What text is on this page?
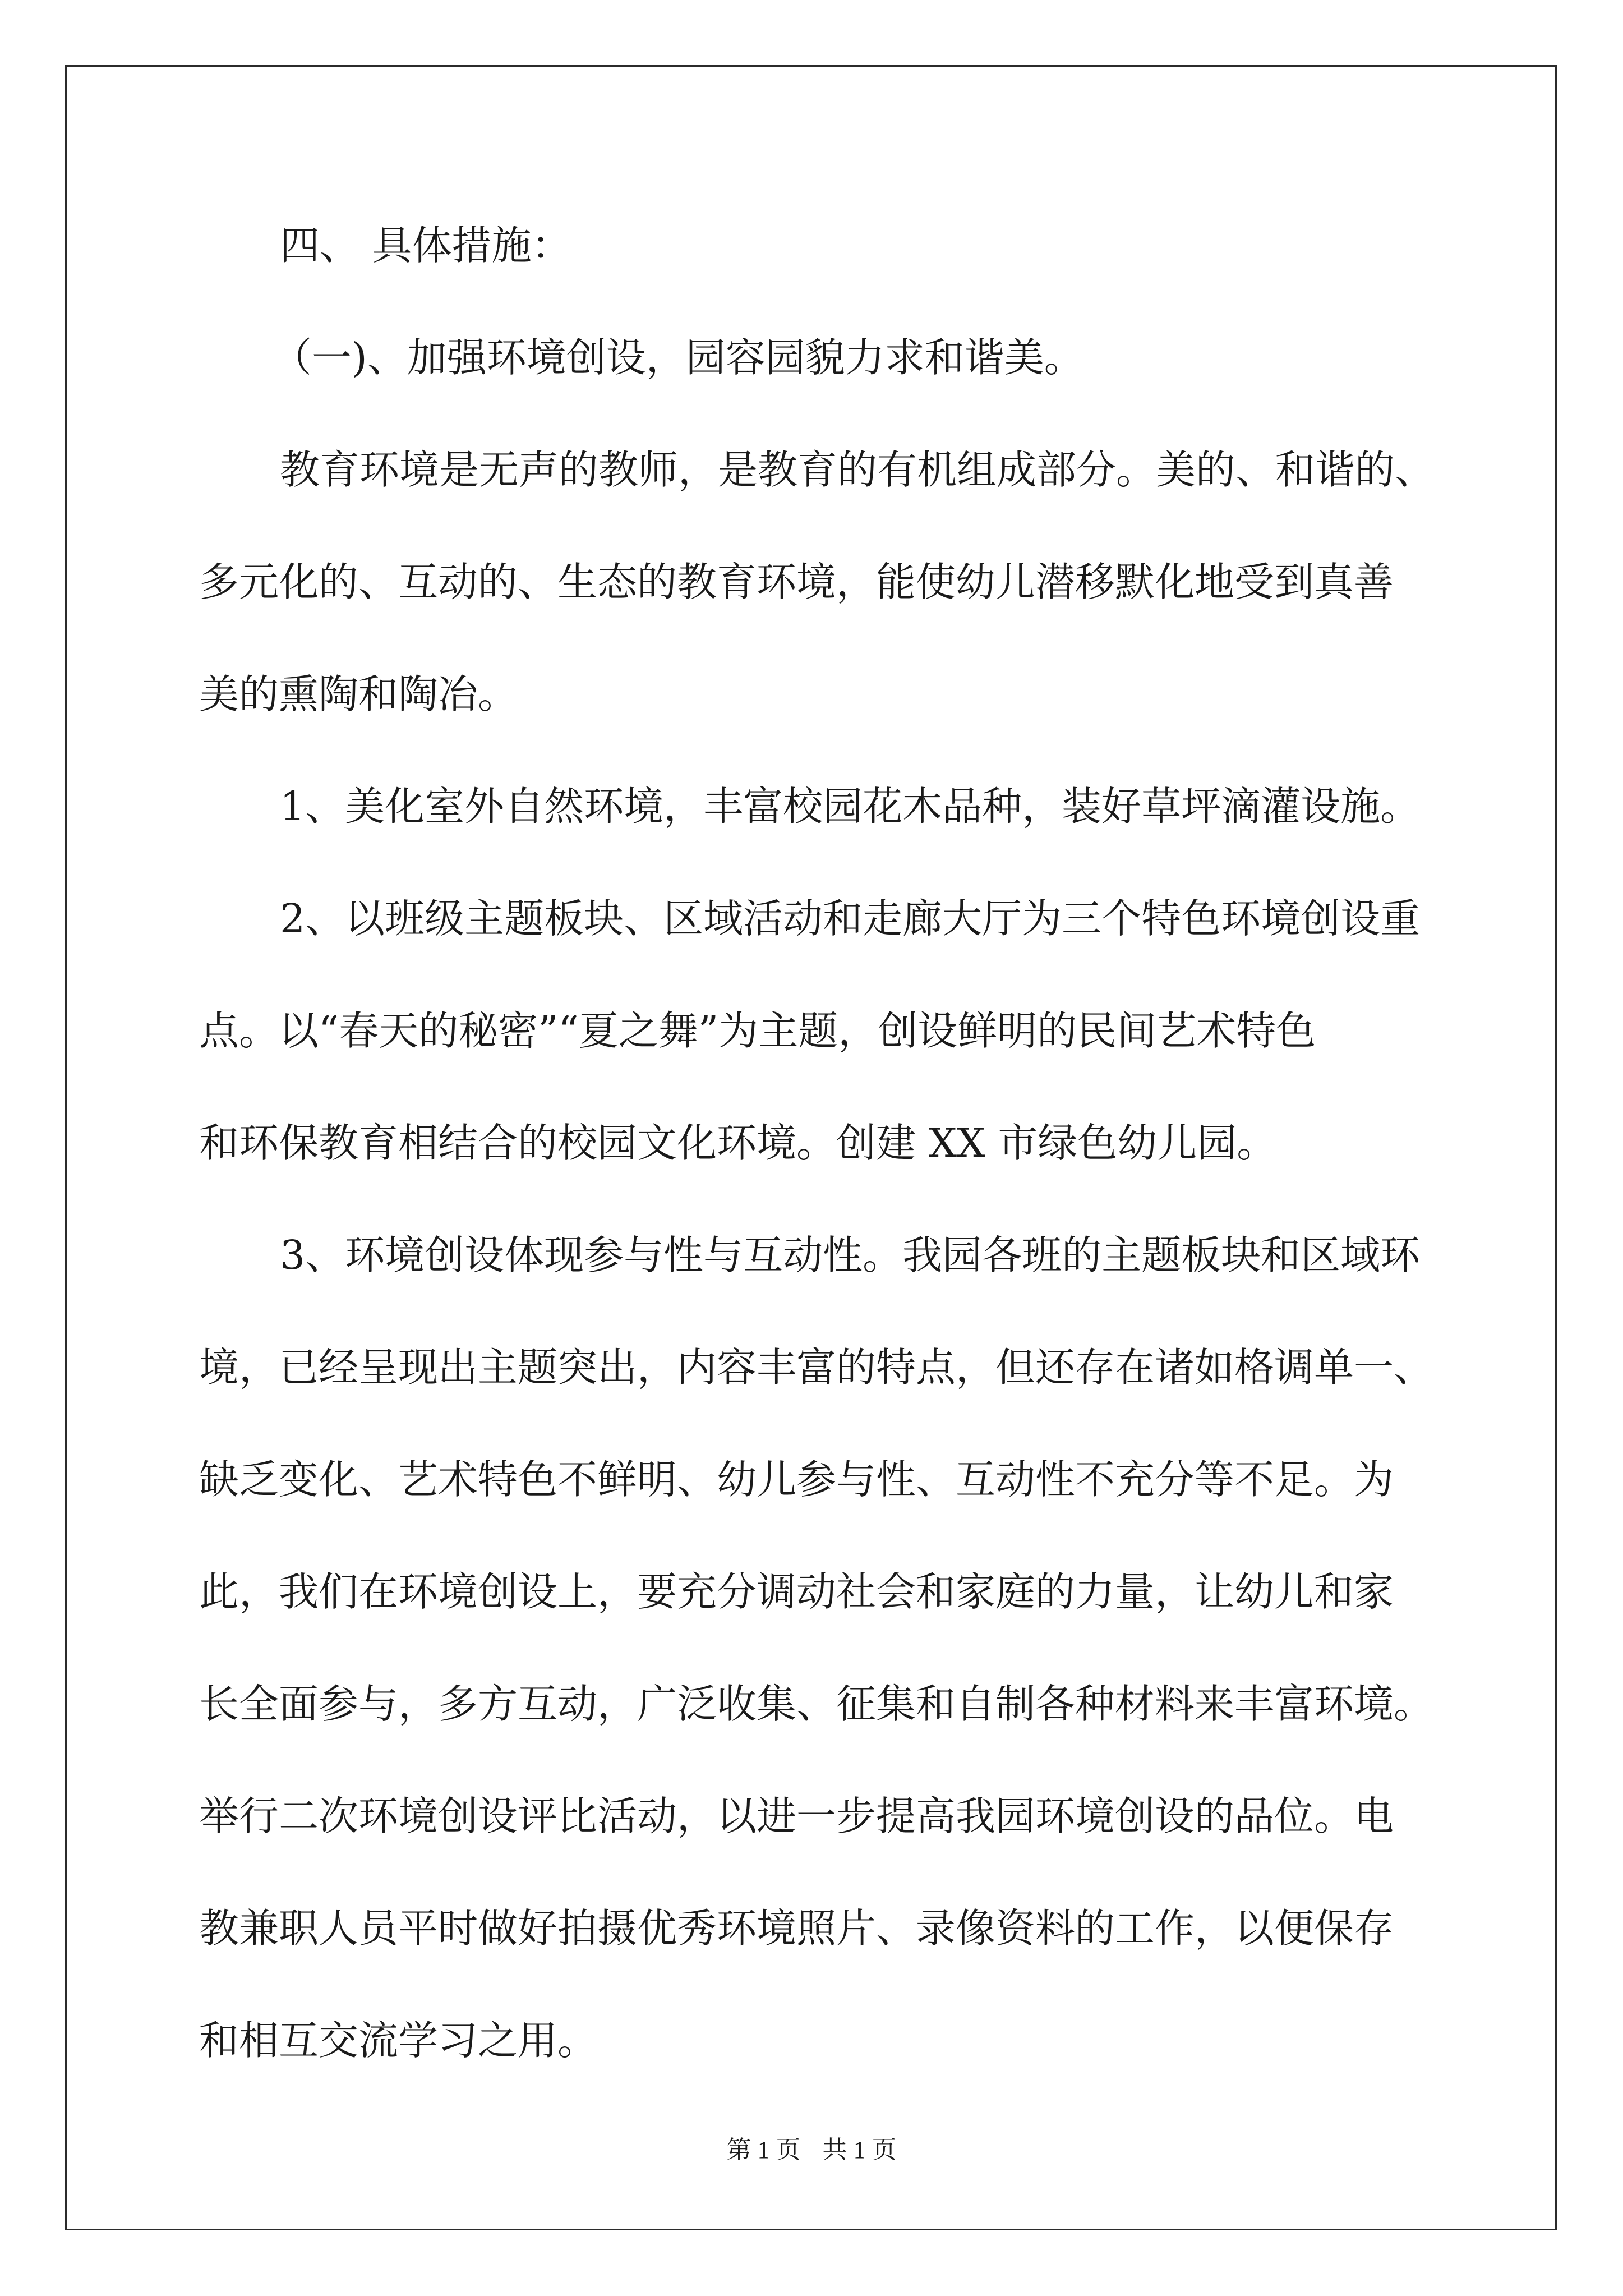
四、 具体措施：

（一)、加强环境创设，园容园貌力求和谐美。

教育环境是无声的教师，是教育的有机组成部分。美的、和谐的、

多元化的、互动的、生态的教育环境，能使幼儿潜移默化地受到真善

美的熏陶和陶冶。

1、美化室外自然环境，丰富校园花木品种，装好草坪滴灌设施。

2、以班级主题板块、区域活动和走廊大厅为三个特色环境创设重

点。以“春天的秘密”“夏之舞”为主题，创设鲜明的民间艺术特色

和环保教育相结合的校园文化环境。创建 XX 市绿色幼儿园。

3、环境创设体现参与性与互动性。我园各班的主题板块和区域环

境，已经呈现出主题突出，内容丰富的特点，但还存在诸如格调单一、

缺乏变化、艺术特色不鲜明、幼儿参与性、互动性不充分等不足。为

此，我们在环境创设上，要充分调动社会和家庭的力量，让幼儿和家

长全面参与，多方互动，广泛收集、征集和自制各种材料来丰富环境。

举行二次环境创设评比活动，以进一步提高我园环境创设的品位。电

教兼职人员平时做好拍摄优秀环境照片、录像资料的工作，以便保存

和相互交流学习之用。

第 1 页 共 1 页
